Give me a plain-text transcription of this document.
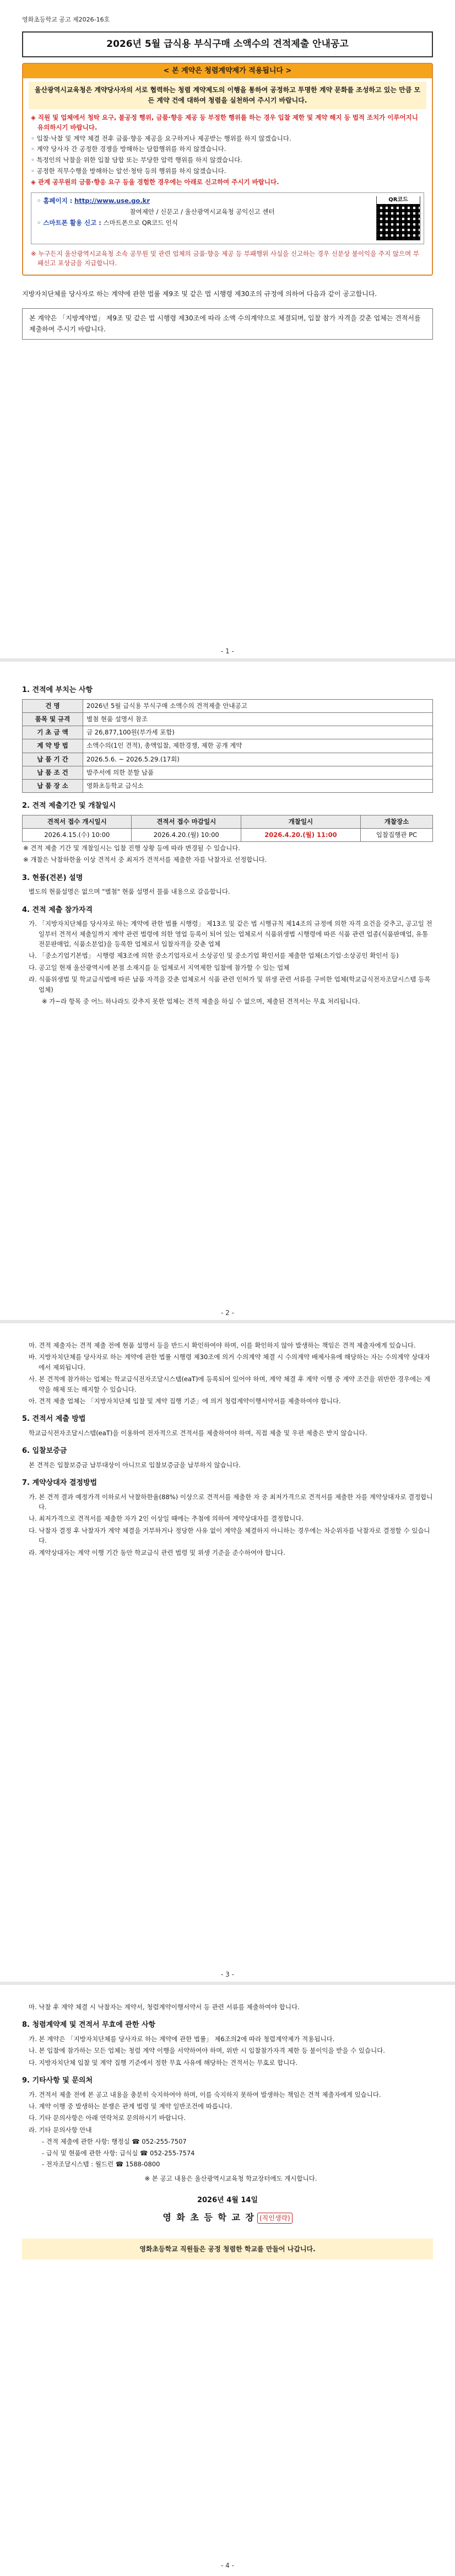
영화초등학교 공고 제2026-16호
2026년 5월 급식용 부식구매 소액수의 견적제출 안내공고
< 본 계약은 청렴계약제가 적용됩니다 >
울산광역시교육청은 계약당사자의 서로 협력하는 청렴 계약제도의 이행을 통하여 공정하고 투명한 계약 문화를 조성하고 있는 만큼 모든 계약 건에 대하여 청렴을 실천하여 주시기 바랍니다.

◈ 직원 및 업체에서 청탁 요구, 불공정 행위, 금품·향응 제공 등 부정한 행위를 하는 경우 입찰 제한 및 계약 해지 등 법적 조치가 이루어지니 유의하시기 바랍니다.

◦ 입찰·낙찰 및 계약 체결 전후 금품·향응 제공을 요구하거나 제공받는 행위를 하지 않겠습니다.

◦ 계약 당사자 간 공정한 경쟁을 방해하는 담합행위를 하지 않겠습니다.

◦ 특정인의 낙찰을 위한 입찰 담합 또는 부당한 압력 행위를 하지 않겠습니다.

◦ 공정한 직무수행을 방해하는 알선·청탁 등의 행위를 하지 않겠습니다.

◈ 관계 공무원의 금품·향응 요구 등을 경험한 경우에는 아래로 신고하여 주시기 바랍니다.

◦ 홈페이지 : http://www.use.go.kr
참여제안 / 신문고 / 울산광역시교육청 공익신고 센터
◦ 스마트폰 활용 신고 : 스마트폰으로 QR코드 인식
QR코드

※ 누구든지 울산광역시교육청 소속 공무원 및 관련 업체의 금품·향응 제공 등 부패행위 사실을 신고하는 경우 신분상 불이익을 주지 않으며 부패신고 포상금을 지급합니다.

지방자치단체를 당사자로 하는 계약에 관한 법률 제9조 및 같은 법 시행령 제30조의 규정에 의하여 다음과 같이 공고합니다.
본 계약은 「지방계약법」 제9조 및 같은 법 시행령 제30조에 따라 소액 수의계약으로 체결되며, 입찰 참가 자격을 갖춘 업체는 견적서를 제출하여 주시기 바랍니다.
- 1 -
1. 견적에 부치는 사항
건 명	2026년 5월 급식용 부식구매 소액수의 견적제출 안내공고
품목 및 규격	별첨 현품 설명서 참조
기 초 금 액	금 26,877,100원(부가세 포함)
계 약 방 법	소액수의(1인 견적), 총액입찰, 제한경쟁, 제한 공개 계약
납 품 기 간	2026.5.6. ~ 2026.5.29.(17회)
납 품 조 건	발주서에 의한 분할 납품
납 품 장 소	영화초등학교 급식소
2. 견적 제출기간 및 개찰일시
견적서 접수 개시일시	견적서 접수 마감일시	개찰일시	개찰장소
2026.4.15.(수) 10:00	2026.4.20.(월) 10:00	2026.4.20.(월) 11:00	입찰집행관 PC
※ 견적 제출 기간 및 개찰일시는 입찰 진행 상황 등에 따라 변경될 수 있습니다.
※ 개찰은 낙찰하한율 이상 견적서 중 최저가 견적서를 제출한 자를 낙찰자로 선정합니다.
3. 현품(견본) 설명
별도의 현품설명은 없으며 "별첨" 현품 설명서 물품 내용으로 갈음합니다.
4. 견적 제출 참가자격
가. 「지방자치단체를 당사자로 하는 계약에 관한 법률 시행령」 제13조 및 같은 법 시행규칙 제14조의 규정에 의한 자격 요건을 갖추고, 공고일 전일부터 견적서 제출일까지 계약 관련 법령에 의한 영업 등록이 되어 있는 업체로서 식품위생법 시행령에 따른 식품 관련 업종(식품판매업, 유통전문판매업, 식품소분업)을 등록한 업체로서 입찰자격을 갖춘 업체
나. 「중소기업기본법」 시행령 제3조에 의한 중소기업자로서 소상공인 및 중소기업 확인서를 제출한 업체(소기업·소상공인 확인서 등)
다. 공고일 현재 울산광역시에 본점 소재지를 둔 업체로서 지역제한 입찰에 참가할 수 있는 업체
라. 식품위생법 및 학교급식법에 따른 납품 자격을 갖춘 업체로서 식품 관련 인허가 및 위생 관련 서류를 구비한 업체(학교급식전자조달시스템 등록 업체)
※ 가~라 항목 중 어느 하나라도 갖추지 못한 업체는 견적 제출을 하실 수 없으며, 제출된 견적서는 무효 처리됩니다.
- 2 -
마. 견적 제출자는 견적 제출 전에 현품 설명서 등을 반드시 확인하여야 하며, 이를 확인하지 않아 발생하는 책임은 견적 제출자에게 있습니다.
바. 지방자치단체를 당사자로 하는 계약에 관한 법률 시행령 제30조에 의거 수의계약 체결 시 수의계약 배제사유에 해당하는 자는 수의계약 상대자에서 제외됩니다.
사. 본 견적에 참가하는 업체는 학교급식전자조달시스템(eaT)에 등록되어 있어야 하며, 계약 체결 후 계약 이행 중 계약 조건을 위반한 경우에는 계약을 해제 또는 해지할 수 있습니다.
아. 견적 제출 업체는 「지방자치단체 입찰 및 계약 집행 기준」에 의거 청렴계약이행서약서를 제출하여야 합니다.
5. 견적서 제출 방법
학교급식전자조달시스템(eaT)을 이용하여 전자적으로 견적서를 제출하여야 하며, 직접 제출 및 우편 제출은 받지 않습니다.
6. 입찰보증금
본 견적은 입찰보증금 납부대상이 아니므로 입찰보증금을 납부하지 않습니다.
7. 계약상대자 결정방법
가. 본 견적 결과 예정가격 이하로서 낙찰하한율(88%) 이상으로 견적서를 제출한 자 중 최저가격으로 견적서를 제출한 자를 계약상대자로 결정합니다.
나. 최저가격으로 견적서를 제출한 자가 2인 이상일 때에는 추첨에 의하여 계약상대자를 결정합니다.
다. 낙찰자 결정 후 낙찰자가 계약 체결을 거부하거나 정당한 사유 없이 계약을 체결하지 아니하는 경우에는 차순위자를 낙찰자로 결정할 수 있습니다.
라. 계약상대자는 계약 이행 기간 동안 학교급식 관련 법령 및 위생 기준을 준수하여야 합니다.
- 3 -
마. 낙찰 후 계약 체결 시 낙찰자는 계약서, 청렴계약이행서약서 등 관련 서류를 제출하여야 합니다.
8. 청렴계약제 및 견적서 무효에 관한 사항
가. 본 계약은 「지방자치단체를 당사자로 하는 계약에 관한 법률」 제6조의2에 따라 청렴계약제가 적용됩니다.
나. 본 입찰에 참가하는 모든 업체는 청렴 계약 이행을 서약하여야 하며, 위반 시 입찰참가자격 제한 등 불이익을 받을 수 있습니다.
다. 지방자치단체 입찰 및 계약 집행 기준에서 정한 무효 사유에 해당하는 견적서는 무효로 합니다.
9. 기타사항 및 문의처
가. 견적서 제출 전에 본 공고 내용을 충분히 숙지하여야 하며, 이를 숙지하지 못하여 발생하는 책임은 견적 제출자에게 있습니다.
나. 계약 이행 중 발생하는 분쟁은 관계 법령 및 계약 일반조건에 따릅니다.
다. 기타 문의사항은 아래 연락처로 문의하시기 바랍니다.
라. 기타 문의사항 안내
- 견적 제출에 관한 사항: 행정실 ☎ 052-255-7507
- 급식 및 현품에 관한 사항: 급식실 ☎ 052-255-7574
- 전자조달시스템 : 월드런 ☎ 1588-0800
※ 본 공고 내용은 울산광역시교육청 학교장터에도 게시합니다.
2026년 4월 14일
영 화 초 등 학 교 장 (직인생략)
영화초등학교 직원들은 공정 청렴한 학교를 만들어 나갑니다.
- 4 -
